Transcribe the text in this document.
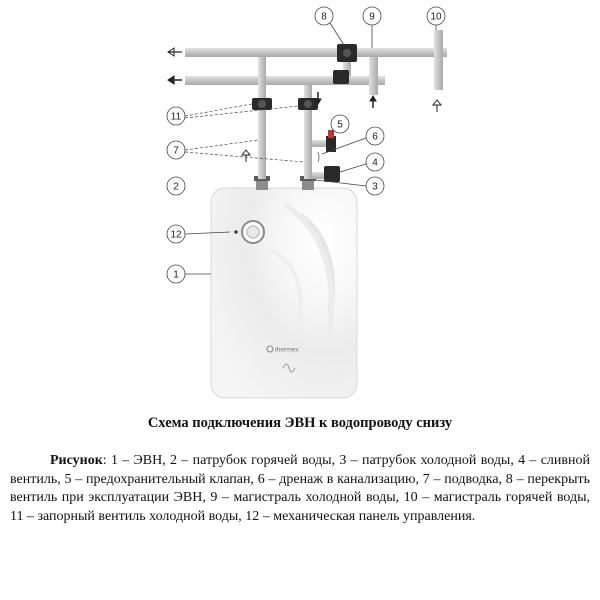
thermex
8	9	10
11
7
2
12
1
5
6
4
3
Схема подключения ЭВН к водопроводу снизу

Рисунок: 1 – ЭВН, 2 – патрубок горячей воды, 3 – патрубок холодной воды, 4 – сливной вентиль, 5 – предохранительный клапан, 6 – дренаж в канализацию, 7 – подводка, 8 – перекрыть вентиль при эксплуатации ЭВН, 9 – магистраль холодной воды, 10 – магистраль горячей воды, 11 – запорный вентиль холодной воды, 12 – механическая панель управления.
